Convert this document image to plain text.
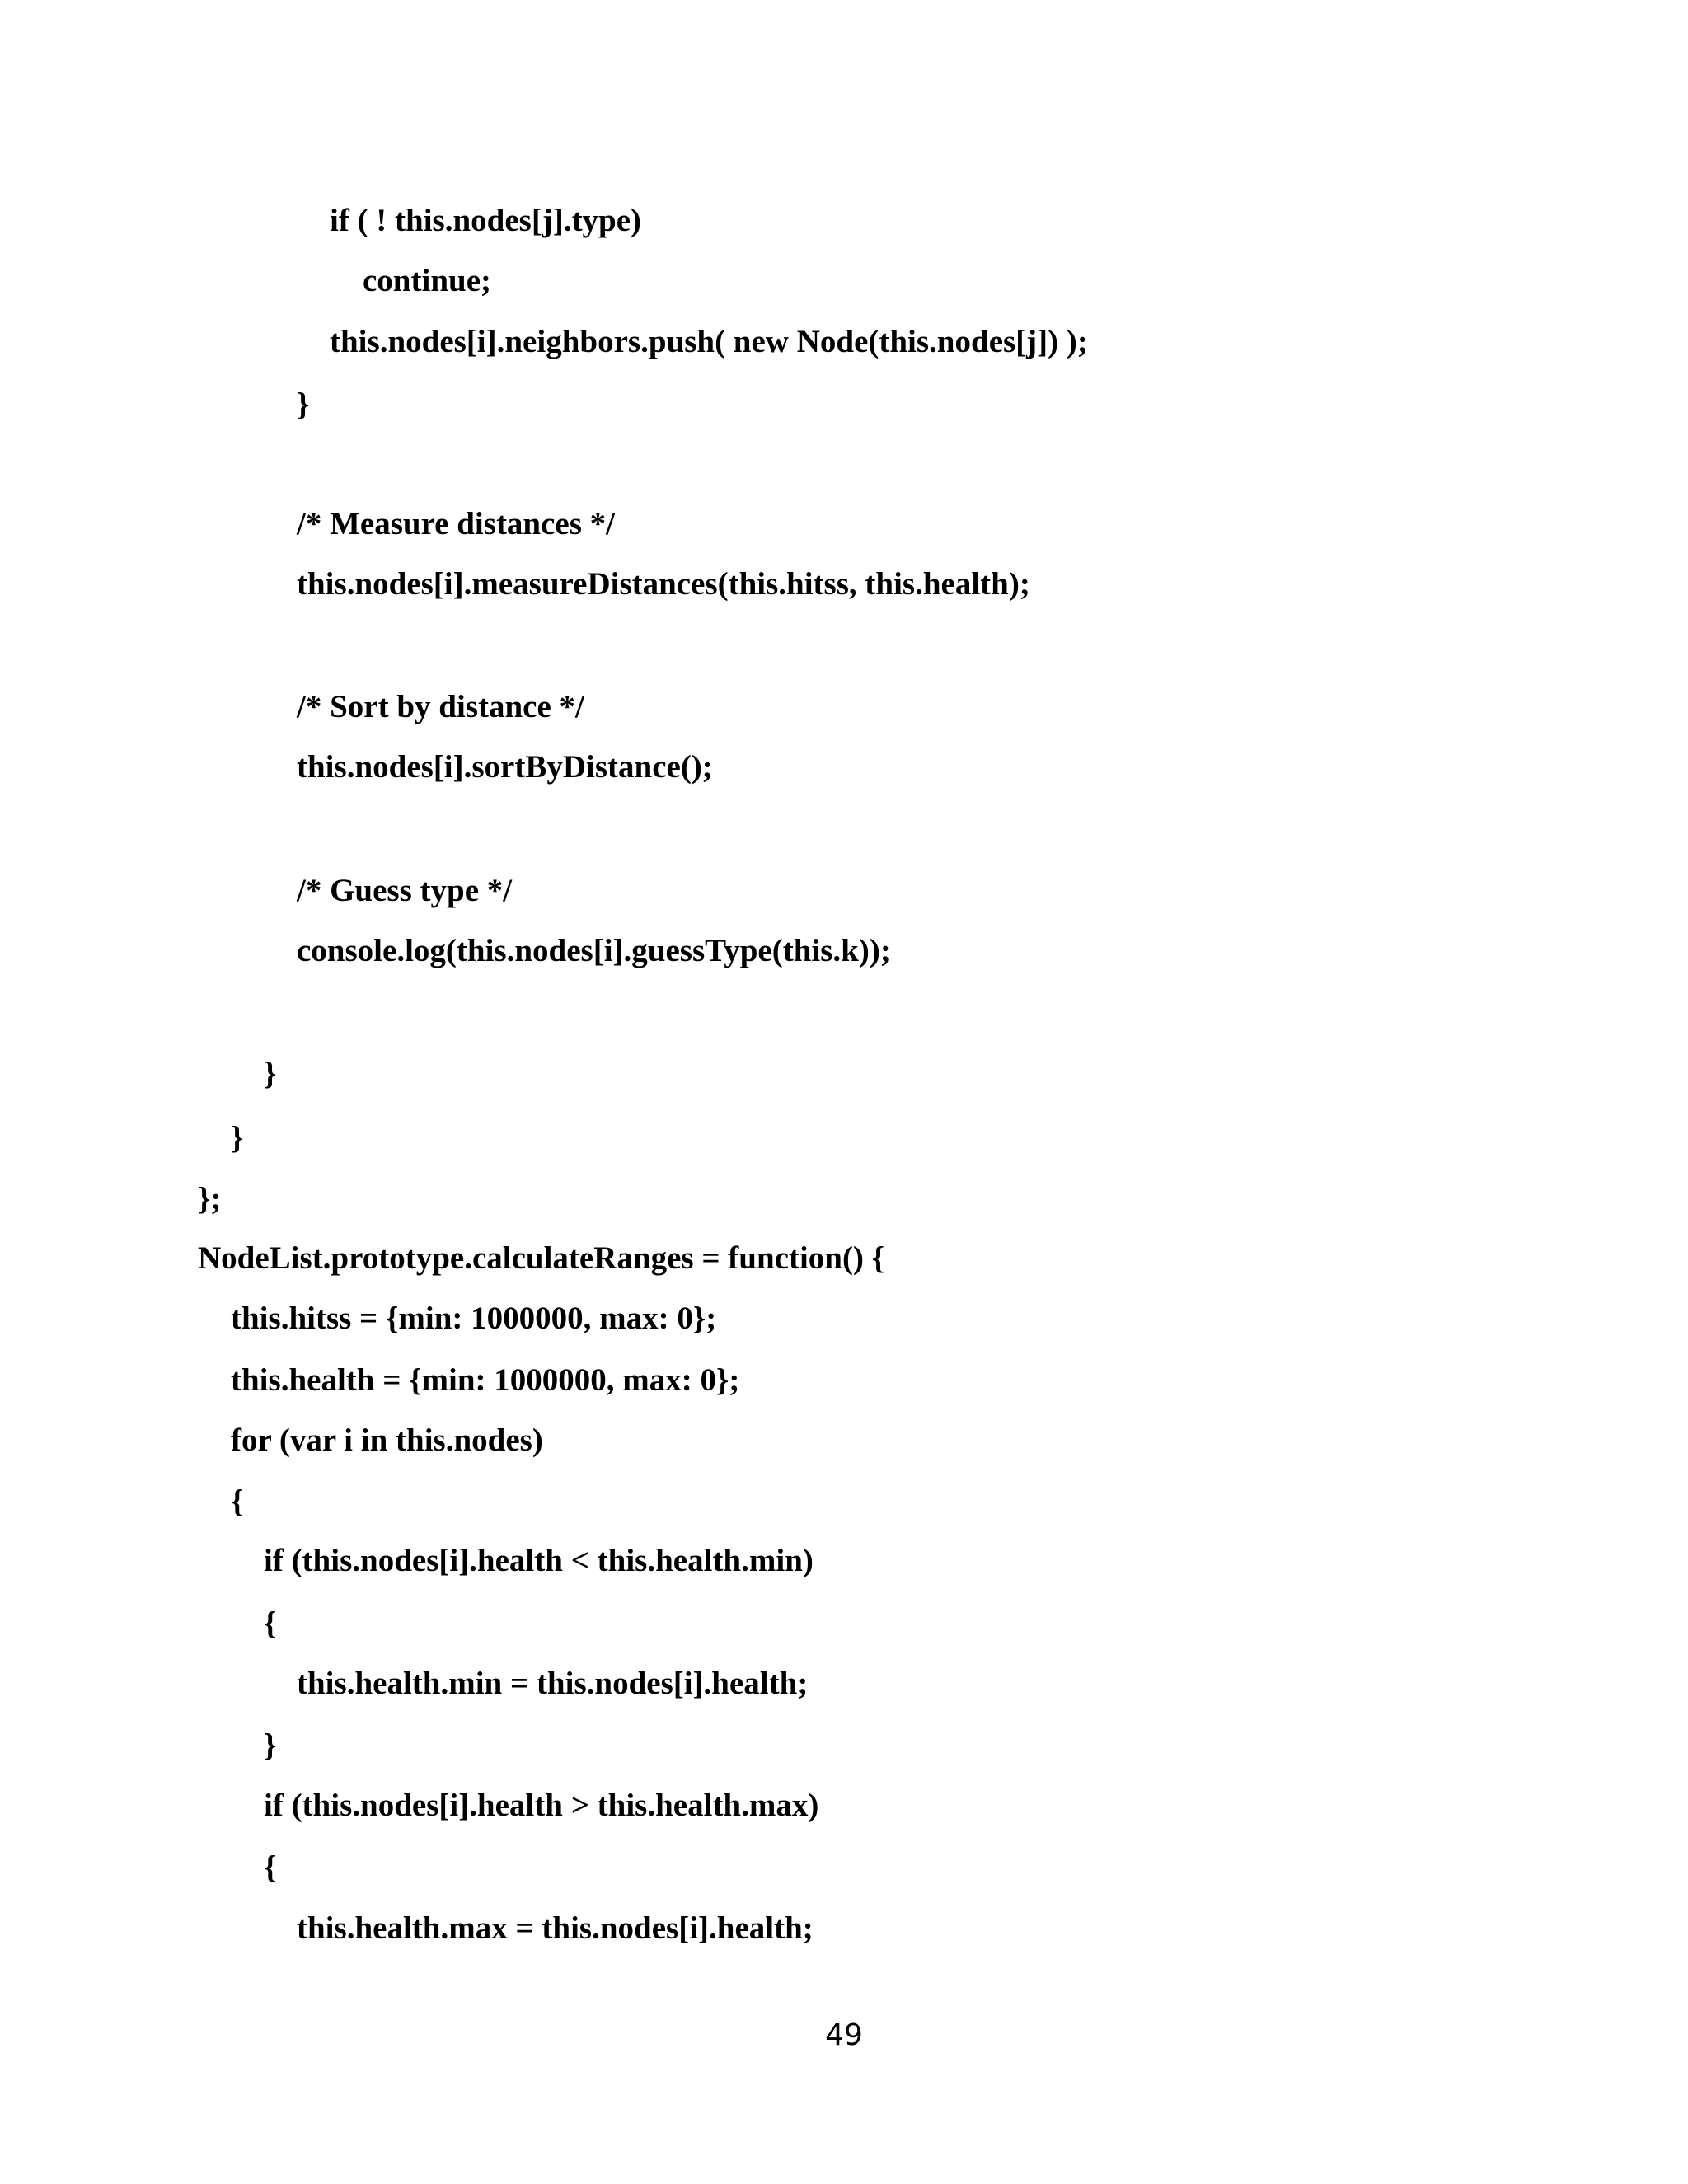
if ( ! this.nodes[j].type)

continue;

this.nodes[i].neighbors.push( new Node(this.nodes[j]) );

}

/* Measure distances */

this.nodes[i].measureDistances(this.hitss, this.health);

/* Sort by distance */

this.nodes[i].sortByDistance();

/* Guess type */

console.log(this.nodes[i].guessType(this.k));

}

}

};

NodeList.prototype.calculateRanges = function() {

this.hitss = {min: 1000000, max: 0};

this.health = {min: 1000000, max: 0};

for (var i in this.nodes)

{

if (this.nodes[i].health < this.health.min)

{

this.health.min = this.nodes[i].health;

}

if (this.nodes[i].health > this.health.max)

{

this.health.max = this.nodes[i].health;

49
